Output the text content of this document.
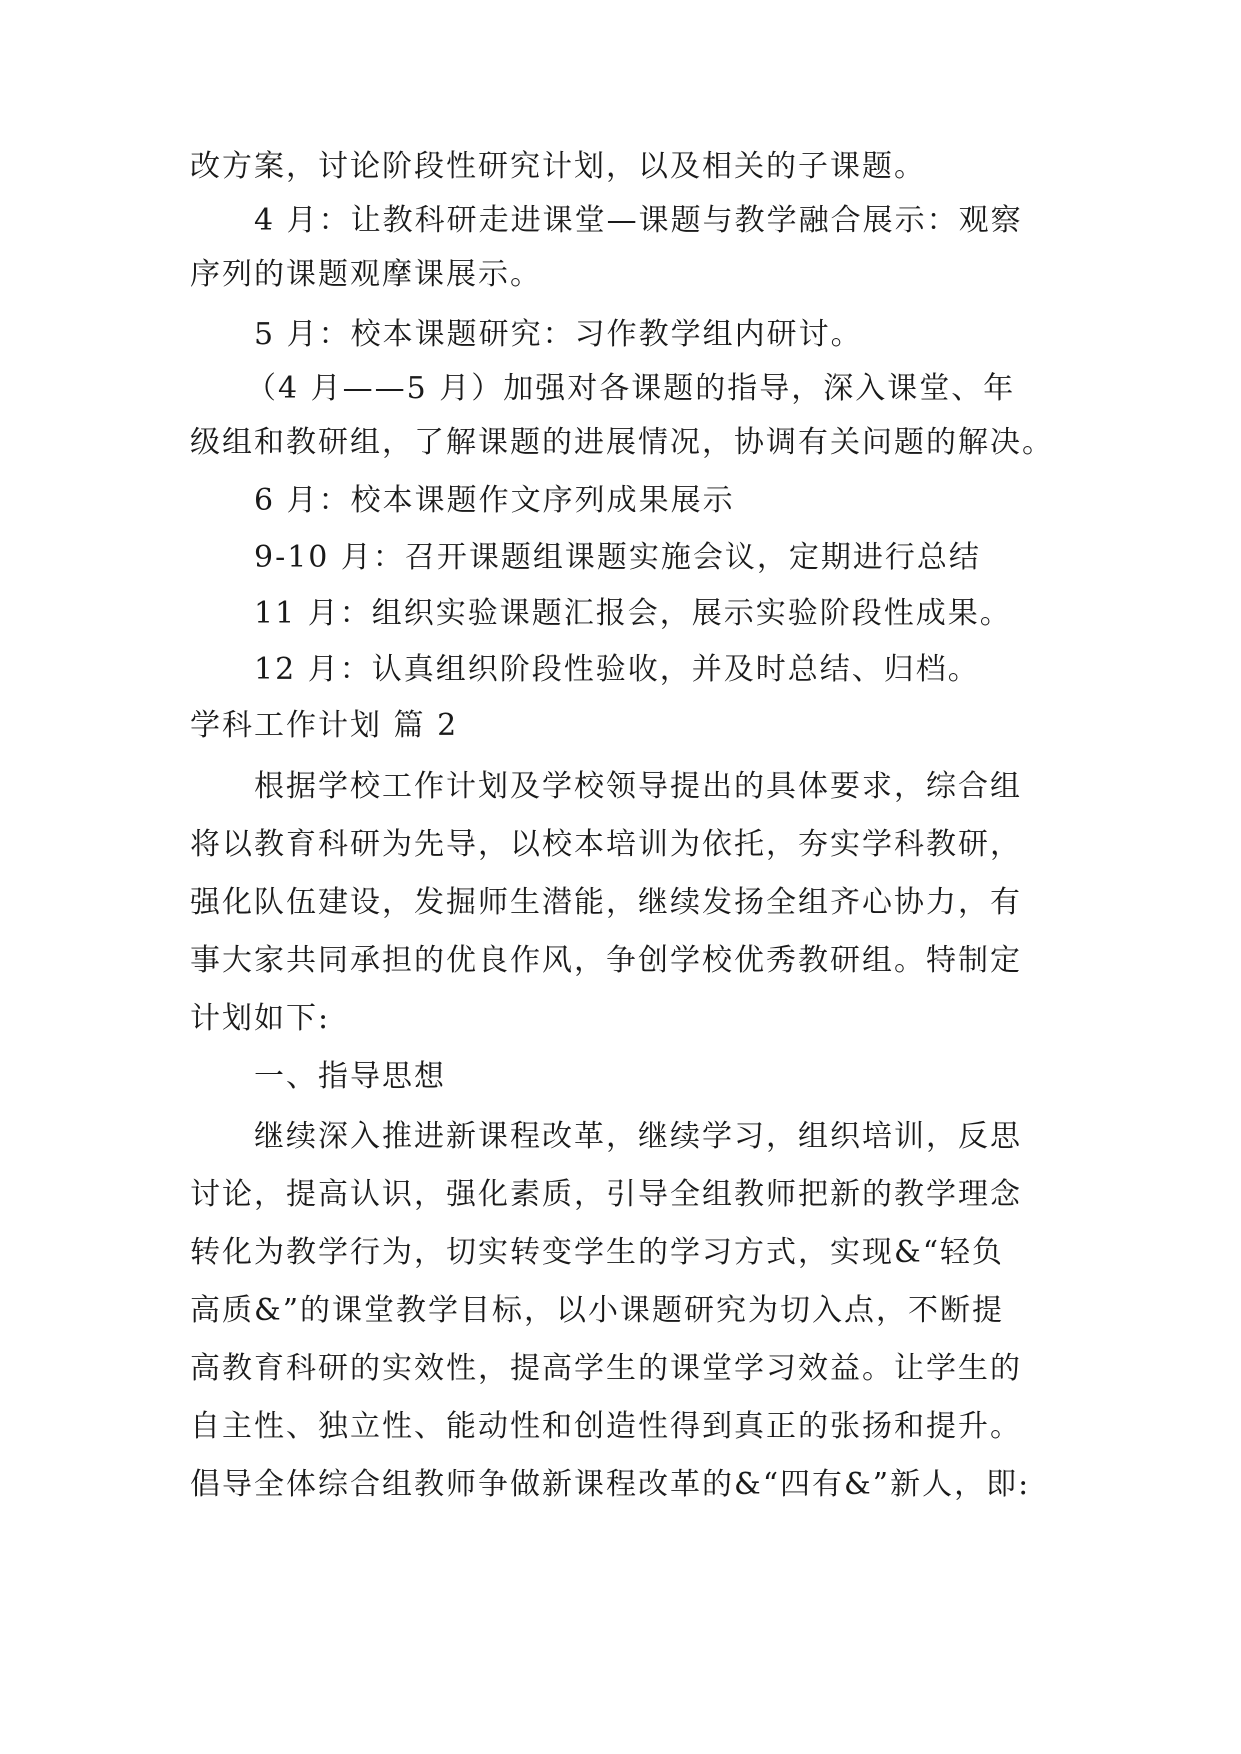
改方案，讨论阶段性研究计划，以及相关的子课题。
4 月：让教科研走进课堂—课题与教学融合展示：观察
序列的课题观摩课展示。
5 月：校本课题研究：习作教学组内研讨。
（4 月——5 月）加强对各课题的指导，深入课堂、年
级组和教研组，了解课题的进展情况，协调有关问题的解决。
6 月：校本课题作文序列成果展示
9-10 月：召开课题组课题实施会议，定期进行总结
11 月：组织实验课题汇报会，展示实验阶段性成果。
12 月：认真组织阶段性验收，并及时总结、归档。
学科工作计划 篇 2
根据学校工作计划及学校领导提出的具体要求，综合组
将以教育科研为先导，以校本培训为依托，夯实学科教研，
强化队伍建设，发掘师生潜能，继续发扬全组齐心协力，有
事大家共同承担的优良作风，争创学校优秀教研组。特制定
计划如下:
一、指导思想
继续深入推进新课程改革，继续学习，组织培训，反思
讨论，提高认识，强化素质，引导全组教师把新的教学理念
转化为教学行为，切实转变学生的学习方式，实现&“轻负
高质&”的课堂教学目标，以小课题研究为切入点，不断提
高教育科研的实效性，提高学生的课堂学习效益。让学生的
自主性、独立性、能动性和创造性得到真正的张扬和提升。
倡导全体综合组教师争做新课程改革的&“四有&”新人，即:
